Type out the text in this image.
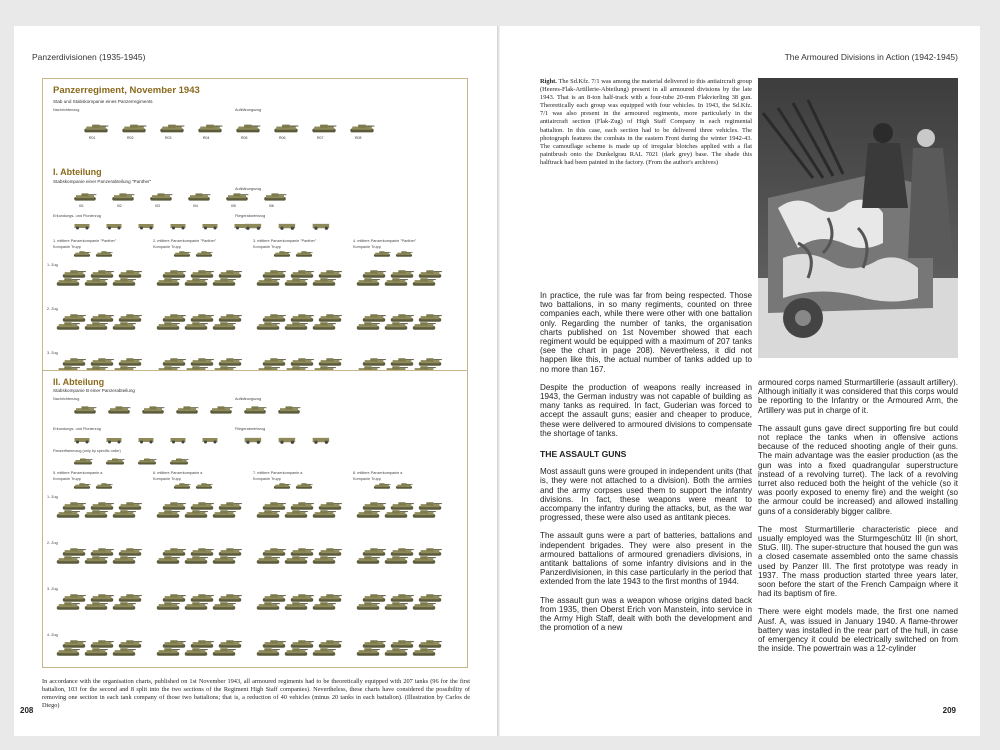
Panzerdivisionen (1935-1945)
208
Panzerregiment, November 1943
Stab und Stabskompanie eines Panzerregiments
Nachrichtenzug	Aufklärungszug
I. Abteilung
Stabskompanie einer Panzerabteilung "Panther"
Aufklärungszug
Erkundungs- und Pionierzug	Fliegerabwehrzug
R01	R02	R03	R04	R05	R06	R07	R08
I01	I02	I03	I04	I05	I06
1. mittlere Panzerkompanie "Panther"
Kompanie Trupp
1. Zug
2. Zug
3. Zug
2. mittlere Panzerkompanie "Panther"
Kompanie Trupp
3. mittlere Panzerkompanie "Panther"
Kompanie Trupp
4. mittlere Panzerkompanie "Panther"
Kompanie Trupp
II. Abteilung
Stabskompanie B einer Panzerabteilung
Nachrichtenzug	Aufklärungszug
Erkundungs- und Pionierzug	Fliegerabwehrzug
Panzerflammzug (only by specific order)
5. mittlere Panzerkompanie a
Kompanie Trupp
1. Zug
2. Zug
3. Zug
4. Zug
6. mittlere Panzerkompanie a
Kompanie Trupp
7. mittlere Panzerkompanie a
Kompanie Trupp
8. mittlere Panzerkompanie a
Kompanie Trupp
In accordance with the organisation charts, published on 1st November 1943, all armoured regiments had to be theoretically equipped with 207 tanks (96 for the first battalion, 103 for the second and 8 split into the two sections of the Regiment High Staff companies). Nevertheless, these charts have considered the possibility of removing one section in each tank company of those two battalions; that is, a reduction of 40 vehicles (minus 20 tanks in each battalion). (Illustration by Carlos de Diego)
The Armoured Divisions in Action (1942-1945)
209
Right. The Sd.Kfz. 7/1 was among the material delivered to this antiaircraft group (Heeres-Flak-Artillerie-Abteilung) present in all armoured divisions by the late 1943. That is an 8-ton half-track with a four-tube 20-mm Flakvierling 38 gun. Theoretically each group was equipped with four vehicles. In 1943, the Sd.Kfz. 7/1 was also present in the armoured regiments, more particularly in the antiaircraft section (Flak-Zug) of High Staff Company in each regimental battalion. In this case, each section had to be delivered three vehicles. The photograph features the combats in the eastern Front during the winter 1942-43. The camouflage scheme is made up of irregular blotches applied with a flat paintbrush onto the Dunkelgrau RAL 7021 (dark grey) base. The shade this halftrack had been painted in the factory. (From the author's archives)

In practice, the rule was far from being respected. Those two battalions, in so many regiments, counted on three companies each, while there were other with one battalion only. Regarding the number of tanks, the organisation charts published on 1st November showed that each regiment would be equipped with a maximum of 207 tanks (see the chart in page 208). Nevertheless, it did not happen like this, the actual number of tanks added up to no more than 167.

Despite the production of weapons really increased in 1943, the German industry was not capable of building as many tanks as required. In fact, Guderian was forced to accept the assault guns; easier and cheaper to produce, these were delivered to armoured divisions to compensate the shortage of tanks.

THE ASSAULT GUNS

Most assault guns were grouped in independent units (that is, they were not attached to a division). Both the armies and the army corpses used them to support the infantry divisions. In fact, these weapons were meant to accompany the infantry during the attacks, but, as the war progressed, these were also used as antitank pieces.

The assault guns were a part of batteries, battalions and independent brigades. They were also present in the armoured battalions of armoured grenadiers divisions, in antitank battalions of some infantry divisions and in the Panzerdivisionen, in this case particularly in the period that extended from the late 1943 to the first months of 1944.

The assault gun was a weapon whose origins dated back from 1935, then Oberst Erich von Manstein, into service in the Army High Staff, dealt with both the development and the promotion of a new

armoured corps named Sturmartillerie (assault artillery). Although initially it was considered that this corps would be reporting to the Infantry or the Armoured Arm, the Artillery was put in charge of it.

The assault guns gave direct supporting fire but could not replace the tanks when in offensive actions because of the reduced shooting angle of their guns. The main advantage was the easier production (as the gun was into a fixed quadrangular superstructure instead of a revolving turret). The lack of a revolving turret also reduced both the height of the vehicle (so it was poorly exposed to enemy fire) and the weight (so the armour could be increased) and allowed installing guns of a considerably bigger calibre.

The most Sturmartillerie characteristic piece and usually employed was the Sturmgeschütz III (in short, StuG. III). The super-structure that housed the gun was a closed casemate assembled onto the same chassis used by Panzer III. The first prototype was ready in 1937. The mass production started three years later, soon before the start of the French Campaign where it had its baptism of fire.

There were eight models made, the first one named Ausf. A, was issued in January 1940. A flame-thrower battery was installed in the rear part of the hull, in case of emergency it could be electrically switched on from the inside. The powertrain was a 12-cylinder
